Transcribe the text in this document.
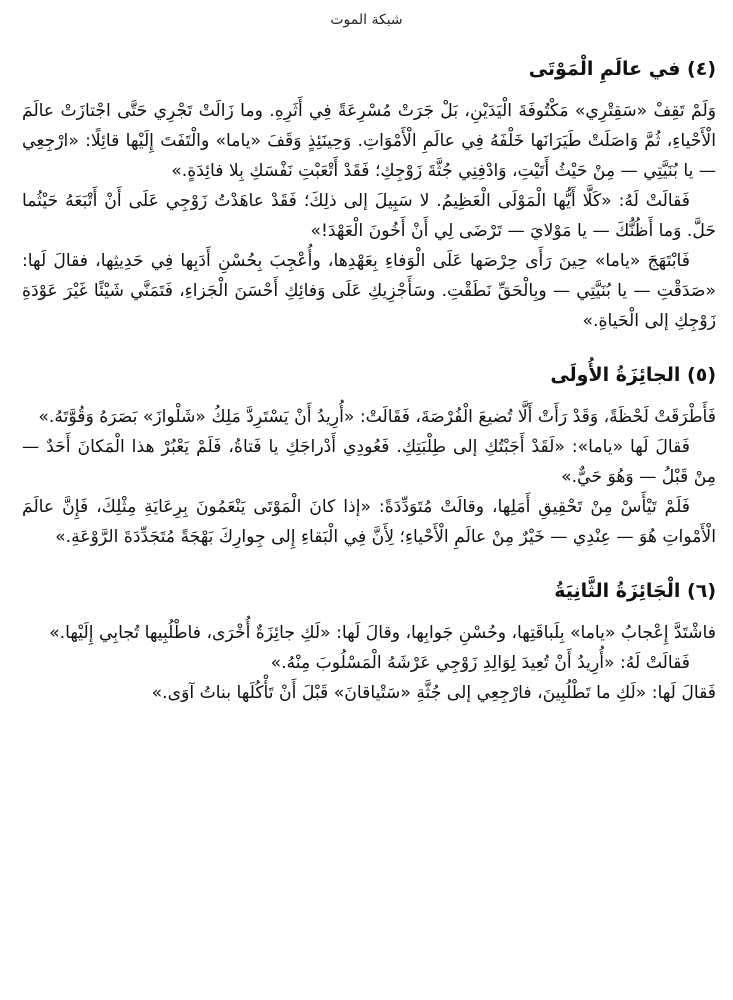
شبكة الموت
(٤) في عالَمِ الْمَوْتَى

وَلَمْ تَقِفْ «سَقِتْرِي» مَكْتُوفَةَ الْيَدَيْنِ، بَلْ جَرَتْ مُسْرِعَةً فِي أَثَرِهِ. وما زَالَتْ تَجْرِي حَتَّى اجْتازَتْ عالَمَ الْأَحْياءِ، ثُمَّ وَاصَلَتْ طَيَرَانَها خَلْفَهُ فِي عالَمِ الْأَمْوَاتِ. وَحِينَئِذٍ وَقَفَ «ياما» والْتَفَتَ إِلَيْها قائِلًا: «ارْجِعِي — يا بُنَيَّتِي — مِنْ حَيْثُ أَتَيْتِ، وَادْفِنِي جُثَّةَ زَوْجِكِ؛ فَقَدْ أَتْعَبْتِ نَفْسَكِ بِلا فائِدَةٍ.»

فَقالَتْ لَهُ: «كَلَّا أَيُّها الْمَوْلَى الْعَظِيمُ. لا سَبِيلَ إلى ذلِكَ؛ فَقَدْ عاهَدْتُ زَوْجِي عَلَى أَنْ أَتْبَعَهُ حَيْثُما حَلَّ. وَما أَظُنُّكَ — يا مَوْلايَ — تَرْضَى لِي أَنْ أَخُونَ الْعَهْدَ!»

فَابْتَهَجَ «ياما» حِينَ رَأَى حِرْصَها عَلَى الْوَفاءِ بِعَهْدِها، وأُعْجِبَ بِحُسْنِ أَدَبِها فِي حَدِيثِها، فقالَ لَها: «صَدَقْتِ — يا بُنَيَّتِي — وبِالْحَقِّ نَطَقْتِ. وسَأَجْزِيكِ عَلَى وَفائِكِ أَحْسَنَ الْجَزاءِ، فَتَمَنَّي شَيْئًا غَيْرَ عَوْدَةِ زَوْجِكِ إلى الْحَياةِ.»

(٥) الجائِزَةُ الأُولَى

فَأَطْرَقَتْ لَحْظَةً، وَقَدْ رَأَتْ أَلَّا تُضيعَ الْفُرْصَةَ، فَقَالَتْ: «أُرِيدُ أَنْ يَسْتَرِدَّ مَلِكُ «شَلْوازَ» بَصَرَهُ وَقُوَّتَهُ.»

فَقالَ لَها «ياما»: «لَقَدْ أَجَبْتُكِ إلى طِلْبَتِكِ. فَعُودِي أَدْراجَكِ يا فَتاةُ، فَلَمْ يَعْبُرْ هذا الْمَكانَ أَحَدٌ — مِنْ قَبْلُ — وَهُوَ حَيٌّ.»

فَلَمْ تَيْأَسْ مِنْ تَحْقِيقِ أَمَلِها، وقالَتْ مُتَوَدِّدَةً: «إذا كانَ الْمَوْتَى يَنْعَمُونَ بِرِعَايَةِ مِثْلِكَ، فَإِنَّ عالَمَ الْأَمْواتِ هُوَ — عِنْدِي — خَيْرٌ مِنْ عالَمِ الْأَحْياءِ؛ لِأَنَّ فِي الْبَقاءِ إِلى جِوارِكَ بَهْجَةً مُتَجَدِّدَةَ الرَّوْعَةِ.»

(٦) الْجَائِزَةُ الثَّانِيَةُ

فاشْتَدَّ إِعْجابُ «ياما» بِلَباقَتِها، وحُسْنِ جَوابِها، وقالَ لَها: «لَكِ جائِزَةٌ أُخْرَى، فاطْلُبِيها تُجابِي إِلَيْها.»

فَقالَتْ لَهُ: «أُرِيدُ أَنْ تُعِيدَ لِوَالِدِ زَوْجِي عَرْشَهُ الْمَسْلُوبَ مِنْهُ.»

فَقالَ لَها: «لَكِ ما تَطْلُبِينَ، فارْجِعِي إلى جُثَّةِ «سَتْياقانَ» قَبْلَ أَنْ تَأْكُلَها بناتُ آوَى.»
